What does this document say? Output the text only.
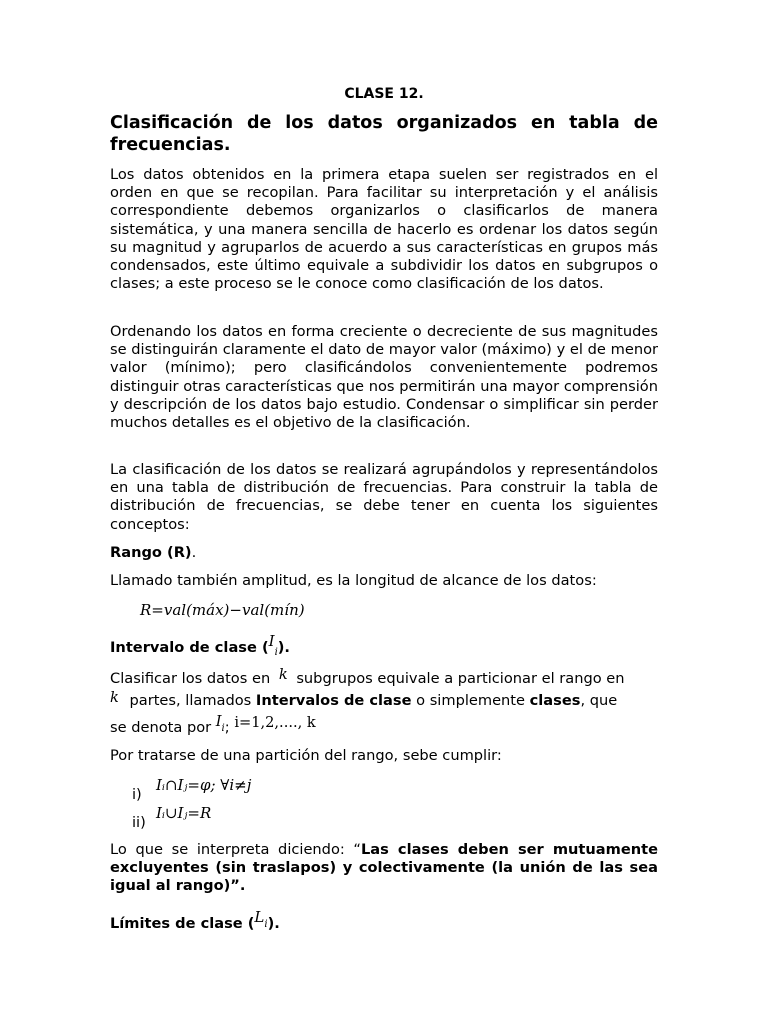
CLASE 12.
Clasificación de los datos organizados en tabla de frecuencias.

Los datos obtenidos en la primera etapa suelen ser registrados en el orden en que se recopilan. Para facilitar su interpretación y el análisis correspondiente debemos organizarlos o clasificarlos de manera sistemática, y una manera sencilla de hacerlo es ordenar los datos según su magnitud y agruparlos de acuerdo a sus características en grupos más condensados, este último equivale a subdividir los datos en subgrupos o clases; a este proceso se le conoce como clasificación de los datos.

Ordenando los datos en forma creciente o decreciente de sus magnitudes se distinguirán claramente el dato de mayor valor (máximo) y el de menor valor (mínimo); pero clasificándolos convenientemente podremos distinguir otras características que nos permitirán una mayor comprensión y descripción de los datos bajo estudio. Condensar o simplificar sin perder muchos detalles es el objetivo de la clasificación.

La clasificación de los datos se realizará agrupándolos y representándolos en una tabla de distribución de frecuencias. Para construir la tabla de distribución de frecuencias, se debe tener en cuenta los siguientes conceptos:

Rango (R).
Llamado también amplitud, es la longitud de alcance de los datos:
R=val(máx)−val(mín)
Intervalo de clase $(I_i)$.
Clasificar los datos en k subgrupos equivale a particionar el rango en
k partes, llamados Intervalos de clase o simplemente clases, que
se denota por $I_i$; i=1,2,...., k
Por tratarse de una partición del rango, sebe cumplir:
i)
Iᵢ∩Iⱼ=φ; ∀i≠j
ii)
Iᵢ∪Iⱼ=R

Lo que se interpreta diciendo: “Las clases deben ser mutuamente excluyentes (sin traslapos) y colectivamente (la unión de las sea igual al rango)”.

Límites de clase $(L_i)$.
